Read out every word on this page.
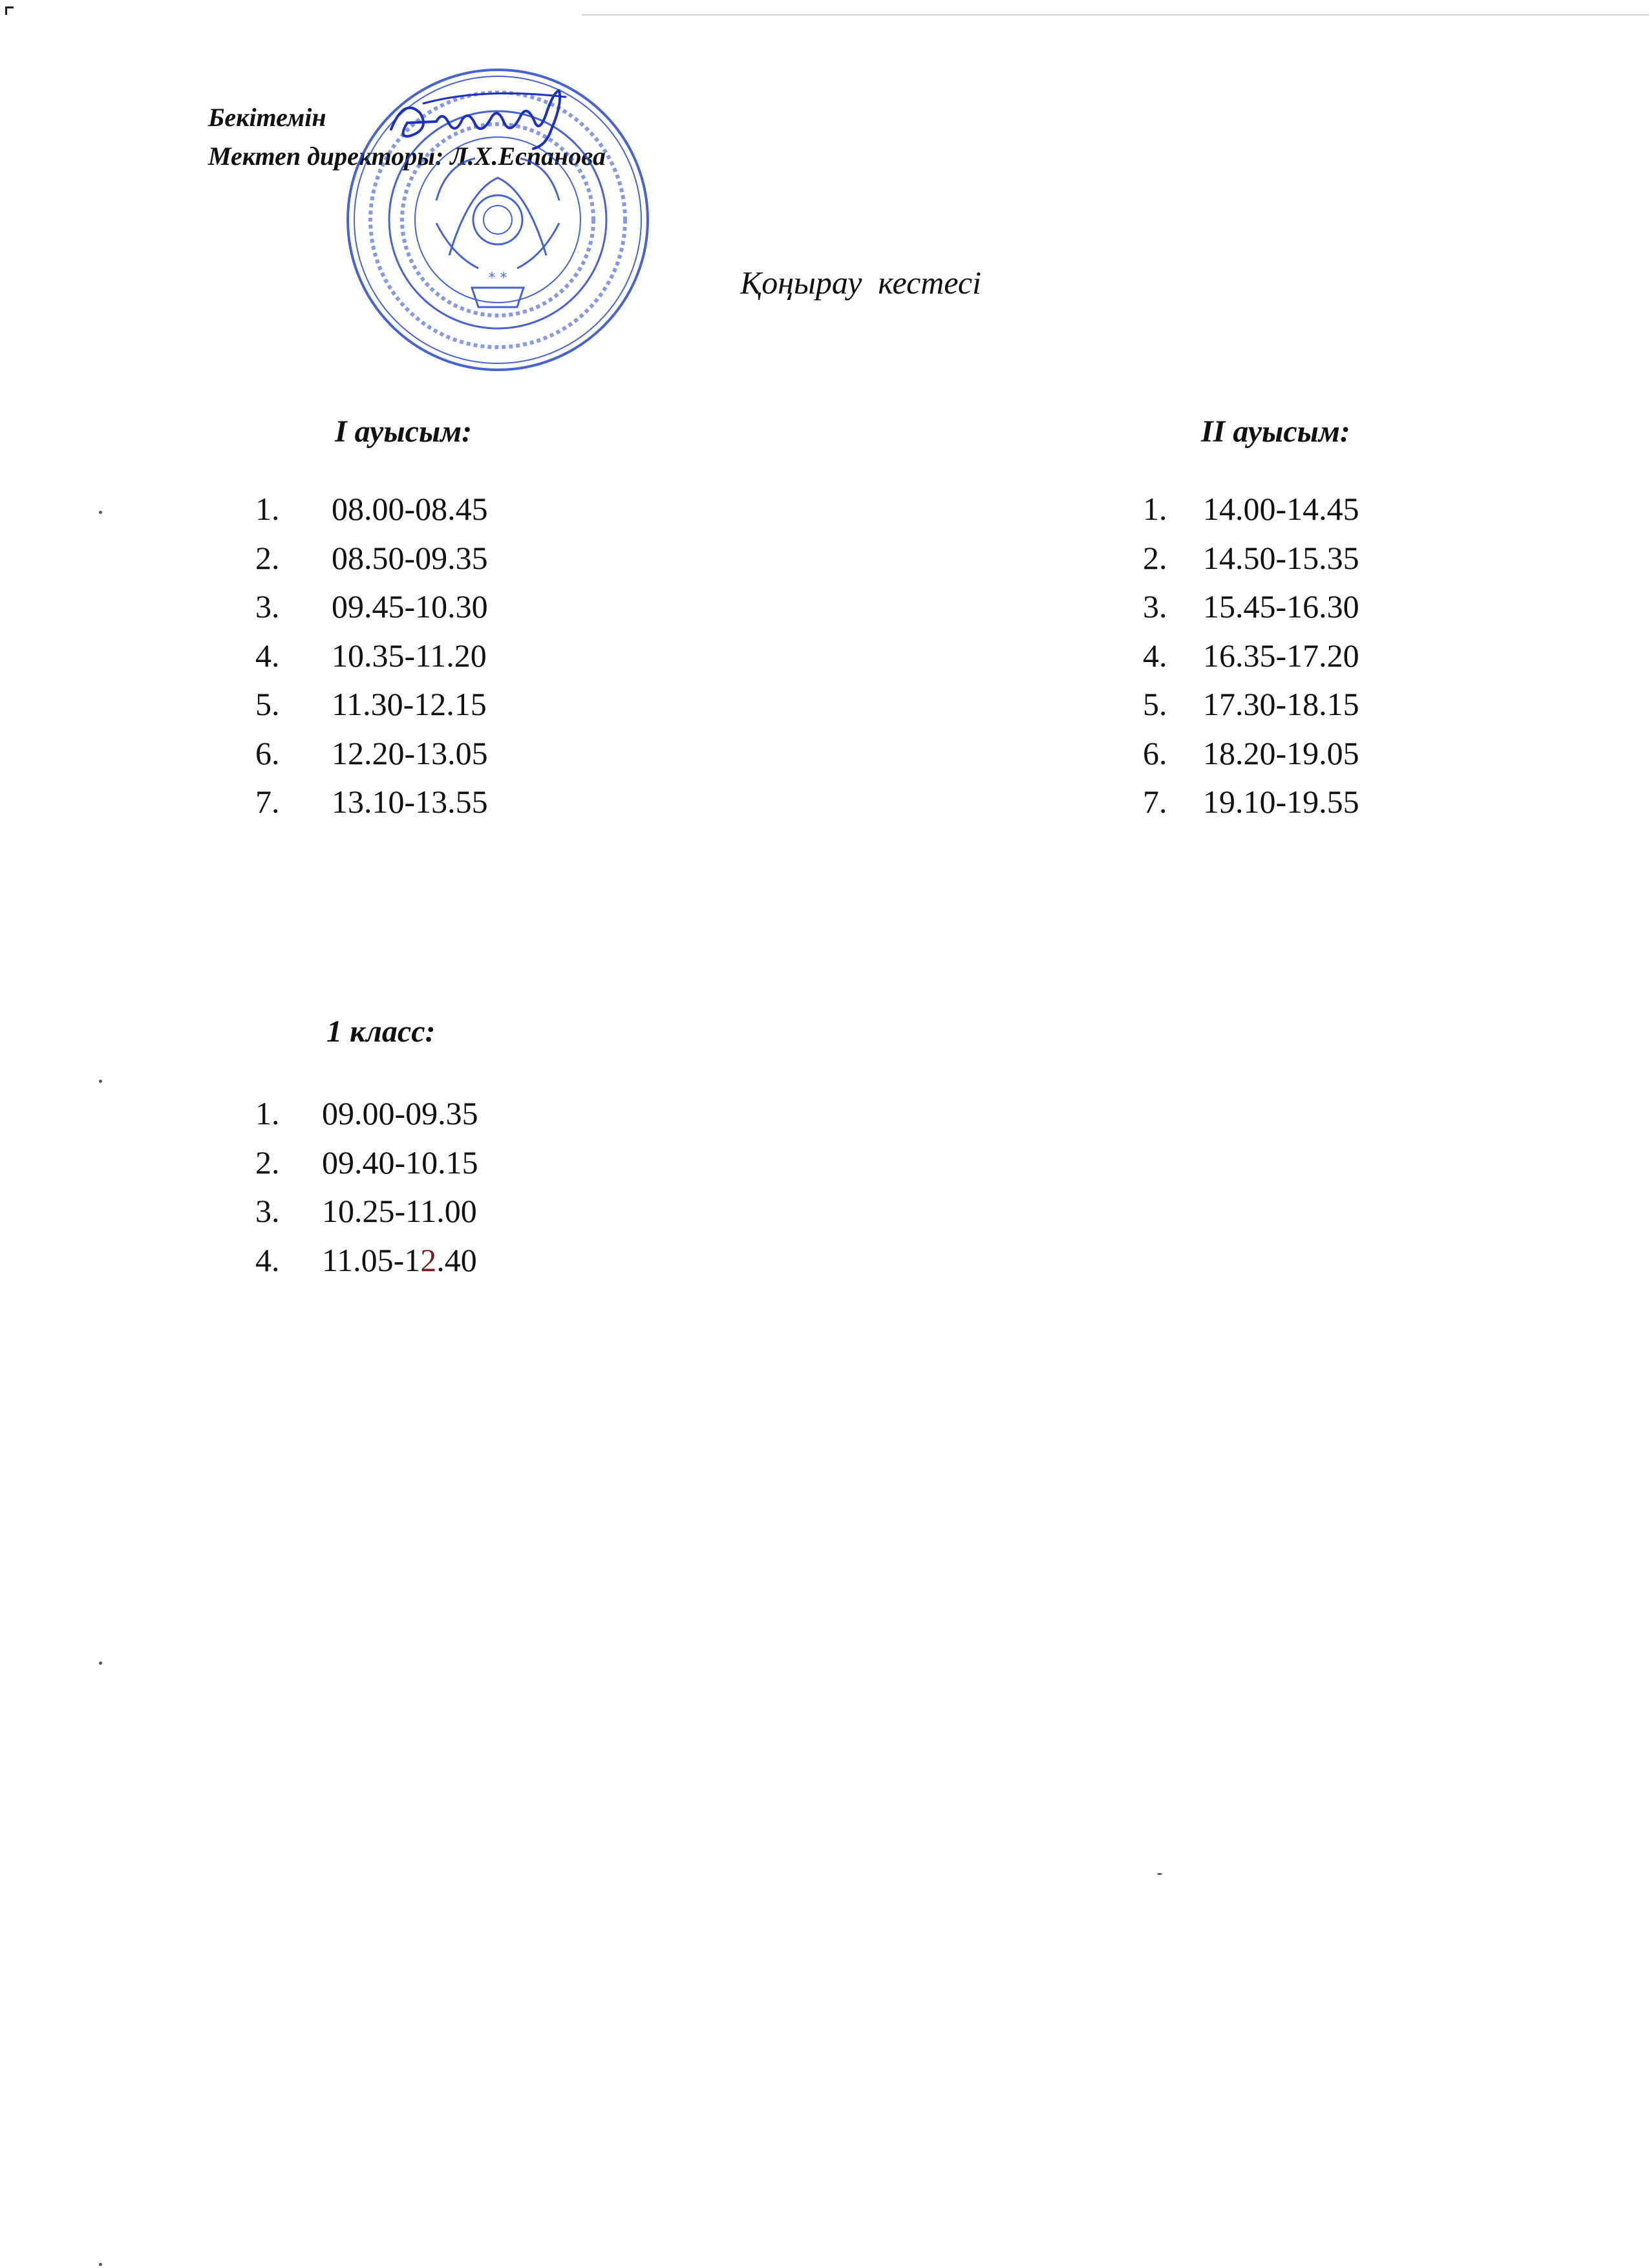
* *
Бекітемін
Мектеп директоры: Л.Х.Еспанова
Қоңырау  кестесі
I ауысым:
1.	08.00-08.45
2.	08.50-09.35
3.	09.45-10.30
4.	10.35-11.20
5.	11.30-12.15
6.	12.20-13.05
7.	13.10-13.55
II ауысым:
1.	14.00-14.45
2.	14.50-15.35
3.	15.45-16.30
4.	16.35-17.20
5.	17.30-18.15
6.	18.20-19.05
7.	19.10-19.55
1 класс:
1.	09.00-09.35
2.	09.40-10.15
3.	10.25-11.00
4.	11.05-1 2 .40
